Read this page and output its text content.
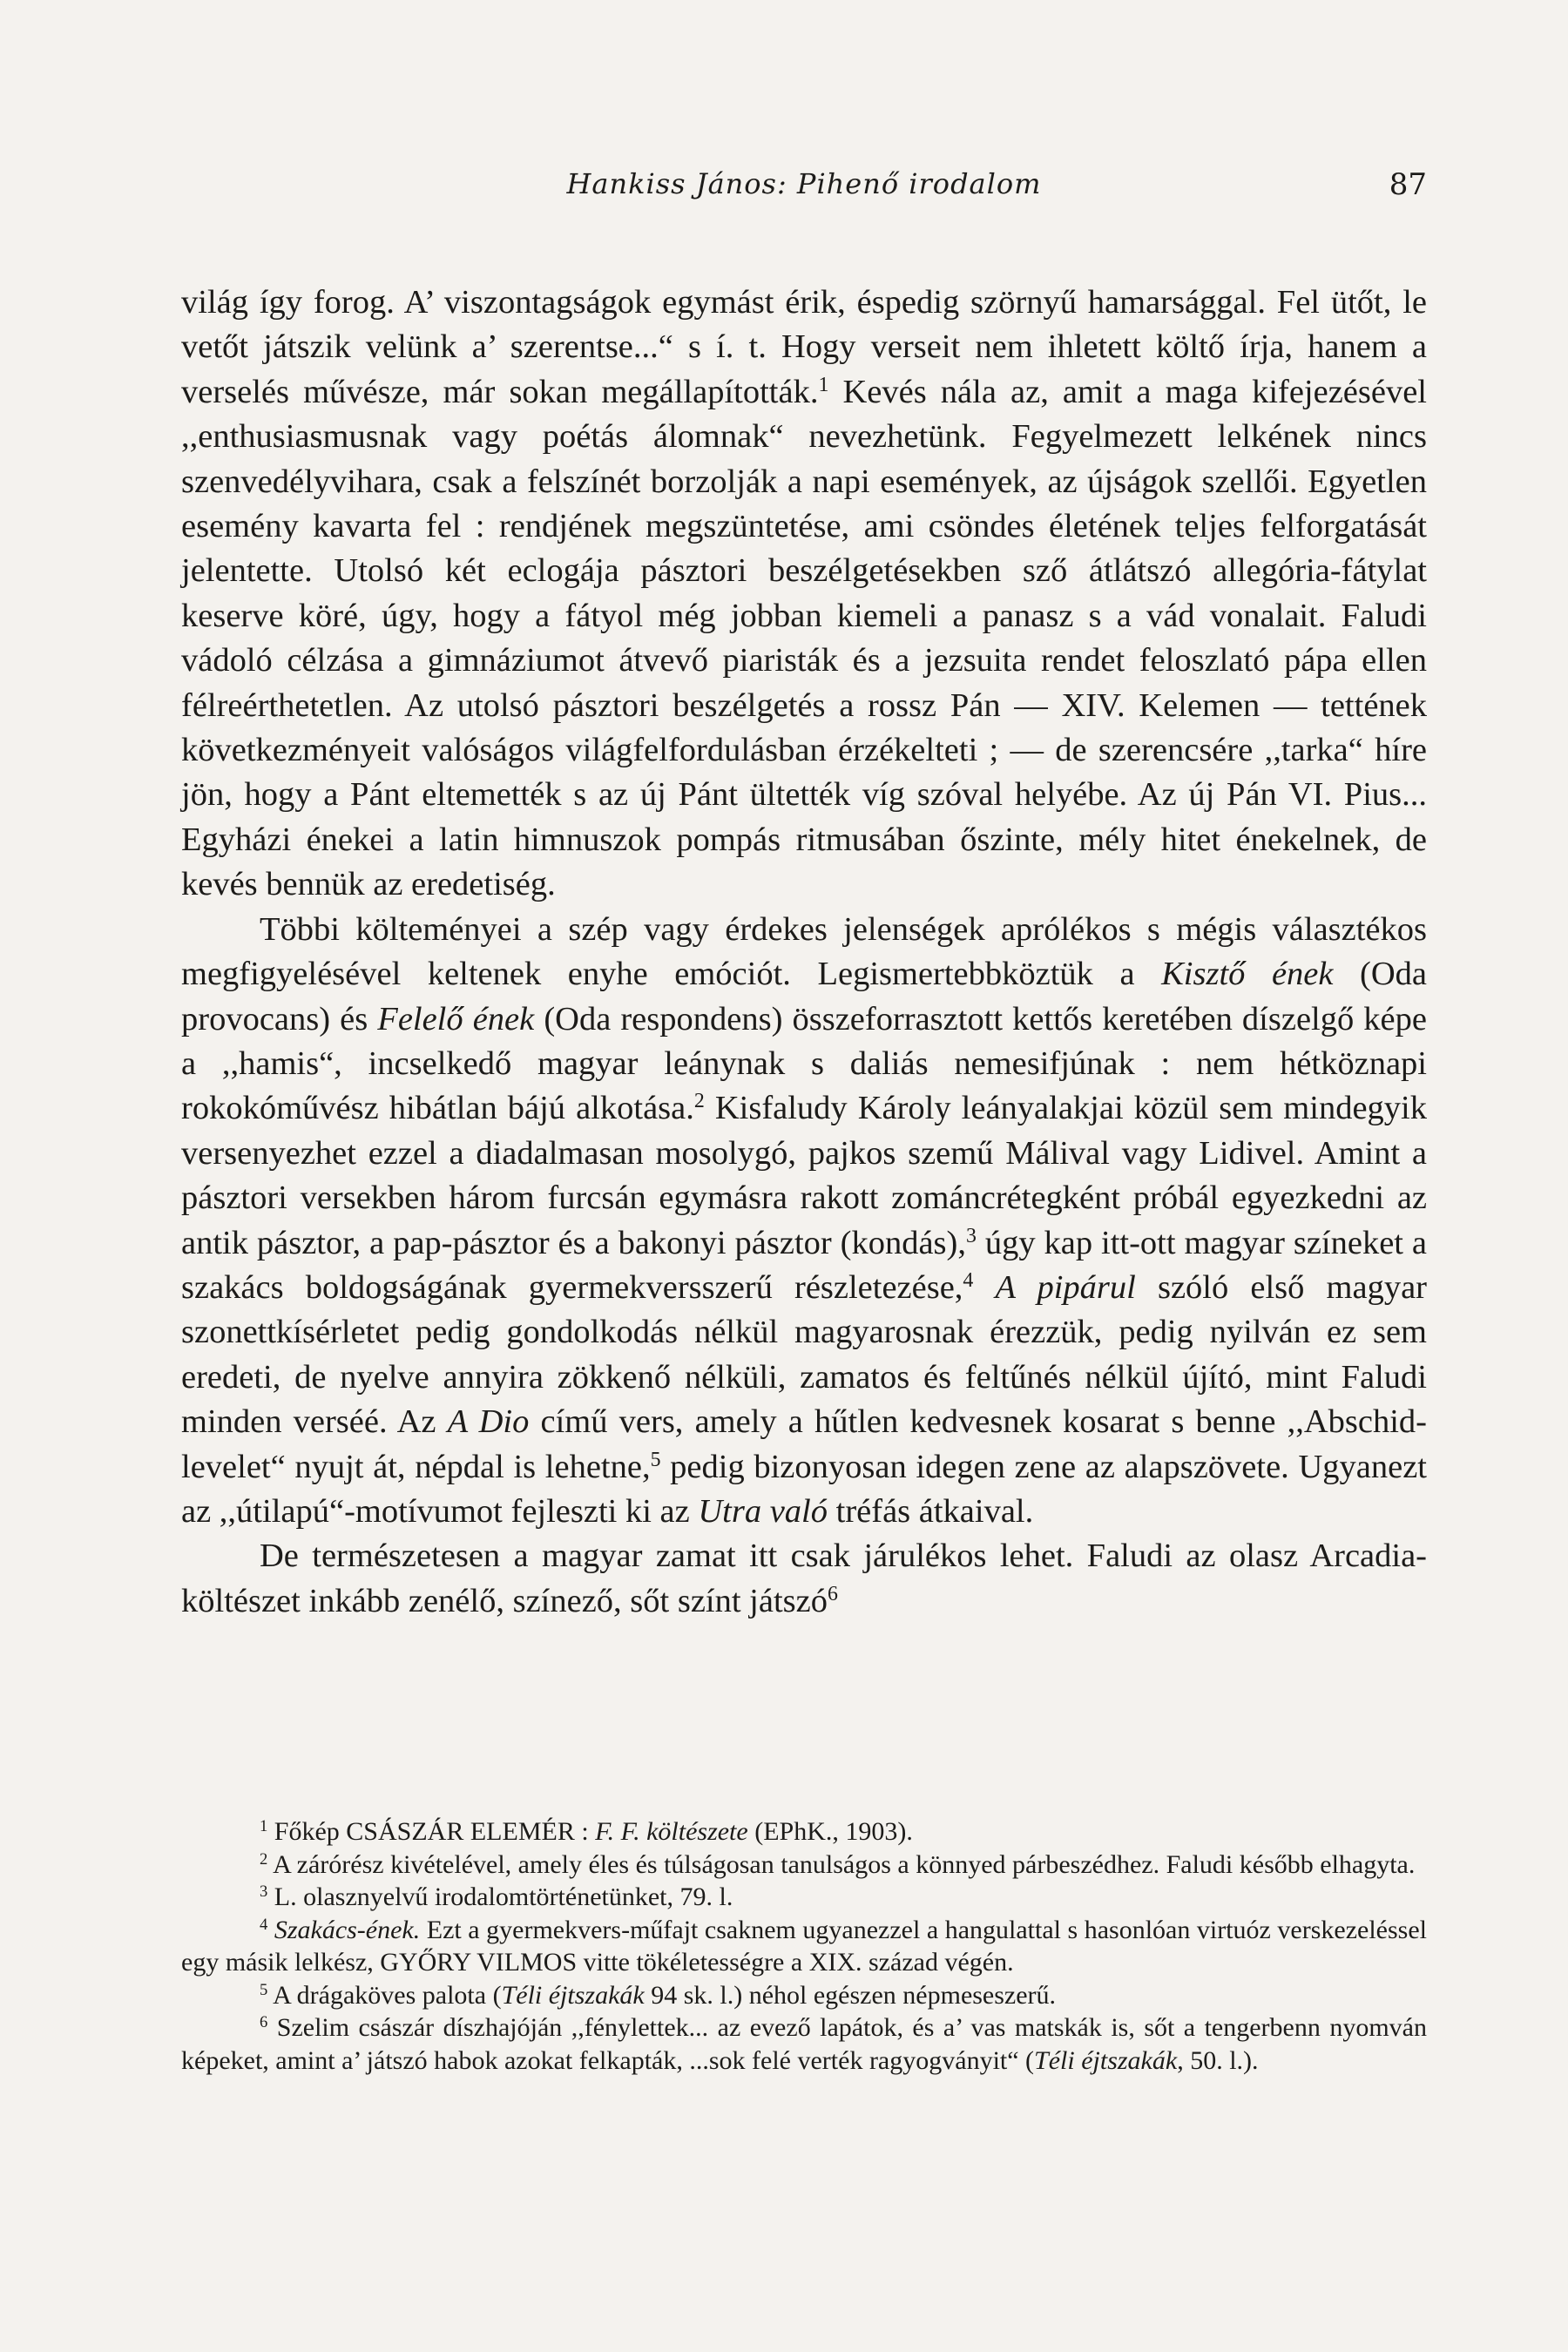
Hankiss János: Pihenő irodalom	87

világ így forog. A’ viszontagságok egymást érik, éspedig szörnyű hamarsággal. Fel ütőt, le vetőt játszik velünk a’ szerentse...“ s í. t. Hogy verseit nem ihletett költő írja, hanem a verselés művésze, már sokan megállapították.$^1$ Kevés nála az, amit a maga kifejezésével ,,enthusiasmusnak vagy poétás álomnak“ nevezhetünk. Fegyelmezett lelkének nincs szenvedélyvihara, csak a felszínét borzolják a napi események, az újságok szellői. Egyetlen esemény kavarta fel : rendjének megszüntetése, ami csöndes életének teljes felforgatását jelentette. Utolsó két eclogája pásztori beszélgetésekben sző átlátszó allegória-fátylat keserve köré, úgy, hogy a fátyol még jobban kiemeli a panasz s a vád vonalait. Faludi vádoló célzása a gimnáziumot átvevő piaristák és a jezsuita rendet feloszlató pápa ellen félreérthetetlen. Az utolsó pásztori beszélgetés a rossz Pán — XIV. Kelemen — tettének következményeit valóságos világfelfordulásban érzékelteti ; — de szerencsére ,,tarka“ híre jön, hogy a Pánt eltemették s az új Pánt ültették víg szóval helyébe. Az új Pán VI. Pius... Egyházi énekei a latin himnuszok pompás ritmusában őszinte, mély hitet énekelnek, de kevés bennük az eredetiség.

Többi költeményei a szép vagy érdekes jelenségek aprólékos s mégis választékos megfigyelésével keltenek enyhe emóciót. Legismertebbköztük a Kisztő ének (Oda provocans) és Felelő ének (Oda respondens) összeforrasztott kettős keretében díszelgő képe a ,,hamis“, incselkedő magyar leánynak s daliás nemesifjúnak : nem hétköznapi rokokóművész hibátlan bájú alkotása.$^2$ Kisfaludy Károly leányalakjai közül sem mindegyik versenyezhet ezzel a diadalmasan mosolygó, pajkos szemű Málival vagy Lidivel. Amint a pásztori versekben három furcsán egymásra rakott zománcrétegként próbál egyezkedni az antik pásztor, a pap-pásztor és a bakonyi pásztor (kondás),$^3$ úgy kap itt-ott magyar színeket a szakács boldogságának gyermekversszerű részletezése,$^4$ A pipárul szóló első magyar szonettkísérletet pedig gondolkodás nélkül magyarosnak érezzük, pedig nyilván ez sem eredeti, de nyelve annyira zökkenő nélküli, zamatos és feltűnés nélkül újító, mint Faludi minden verséé. Az A Dio című vers, amely a hűtlen kedvesnek kosarat s benne ,,Abschid-levelet“ nyujt át, népdal is lehetne,$^5$ pedig bizonyosan idegen zene az alapszövete. Ugyanezt az ,,útilapú“-motívumot fejleszti ki az Utra való tréfás átkaival.

De természetesen a magyar zamat itt csak járulékos lehet. Faludi az olasz Arcadia-költészet inkább zenélő, színező, sőt színt játszó$^6$

$^1$ Főkép CSÁSZÁR ELEMÉR : F. F. költészete (EPhK., 1903).

$^2$ A zárórész kivételével, amely éles és túlságosan tanulságos a könnyed párbeszédhez. Faludi később elhagyta.

$^3$ L. olasznyelvű irodalomtörténetünket, 79. l.

$^4$ Szakács-ének. Ezt a gyermekvers-műfajt csaknem ugyanezzel a hangulattal s hasonlóan virtuóz verskezeléssel egy másik lelkész, GYŐRY VILMOS vitte tökéletességre a XIX. század végén.

$^5$ A drágaköves palota (Téli éjtszakák 94 sk. l.) néhol egészen népmeseszerű.

$^6$ Szelim császár díszhajóján ,,fénylettek... az evező lapátok, és a’ vas matskák is, sőt a tengerbenn nyomván képeket, amint a’ játszó habok azokat felkapták, ...sok felé verték ragyogványit“ (Téli éjtszakák, 50. l.).
